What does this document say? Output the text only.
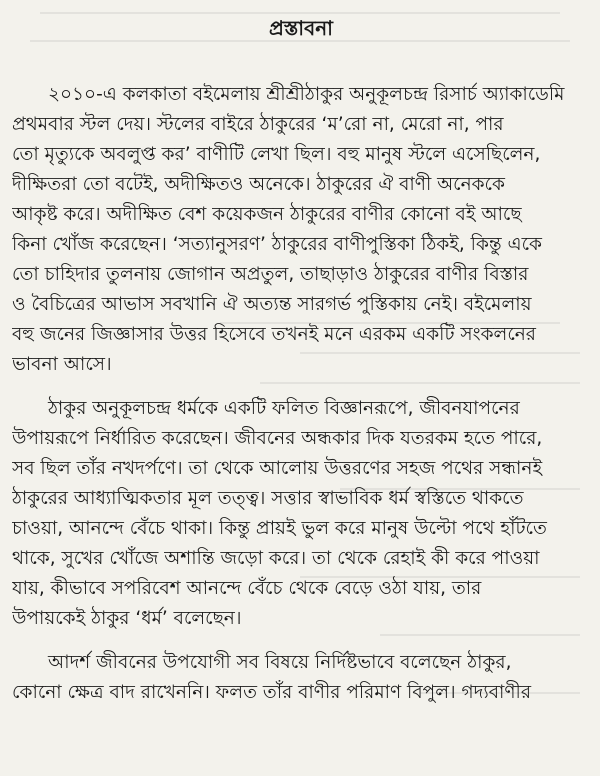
প্রস্তাবনা
২০১০-এ কলকাতা বইমেলায় শ্রীশ্রীঠাকুর অনুকূলচন্দ্র রিসার্চ অ্যাকাডেমি
প্রথমবার স্টল দেয়। স্টলের বাইরে ঠাকুরের ‘ম’রো না, মেরো না, পার
তো মৃত্যুকে অবলুপ্ত কর’ বাণীটি লেখা ছিল। বহু মানুষ স্টলে এসেছিলেন,
দীক্ষিতরা তো বটেই, অদীক্ষিতও অনেকে। ঠাকুরের ঐ বাণী অনেককে
আকৃষ্ট করে। অদীক্ষিত বেশ কয়েকজন ঠাকুরের বাণীর কোনো বই আছে
কিনা খোঁজ করেছেন। ‘সত্যানুসরণ’ ঠাকুরের বাণীপুস্তিকা ঠিকই, কিন্তু একে
তো চাহিদার তুলনায় জোগান অপ্রতুল, তাছাড়াও ঠাকুরের বাণীর বিস্তার
ও বৈচিত্রের আভাস সবখানি ঐ অত্যন্ত সারগর্ভ পুস্তিকায় নেই। বইমেলায়
বহু জনের জিজ্ঞাসার উত্তর হিসেবে তখনই মনে এরকম একটি সংকলনের
ভাবনা আসে।
ঠাকুর অনুকূলচন্দ্র ধর্মকে একটি ফলিত বিজ্ঞানরূপে, জীবনযাপনের
উপায়রূপে নির্ধারিত করেছেন। জীবনের অন্ধকার দিক যতরকম হতে পারে,
সব ছিল তাঁর নখদর্পণে। তা থেকে আলোয় উত্তরণের সহজ পথের সন্ধানই
ঠাকুরের আধ্যাত্মিকতার মূল তত্ত্ব। সত্তার স্বাভাবিক ধর্ম স্বস্তিতে থাকতে
চাওয়া, আনন্দে বেঁচে থাকা। কিন্তু প্রায়ই ভুল করে মানুষ উল্টো পথে হাঁটতে
থাকে, সুখের খোঁজে অশান্তি জড়ো করে। তা থেকে রেহাই কী করে পাওয়া
যায়, কীভাবে সপরিবেশ আনন্দে বেঁচে থেকে বেড়ে ওঠা যায়, তার
উপায়কেই ঠাকুর ‘ধর্ম’ বলেছেন।
আদর্শ জীবনের উপযোগী সব বিষয়ে নির্দিষ্টভাবে বলেছেন ঠাকুর,
কোনো ক্ষেত্র বাদ রাখেননি। ফলত তাঁর বাণীর পরিমাণ বিপুল। গদ্যবাণীর
